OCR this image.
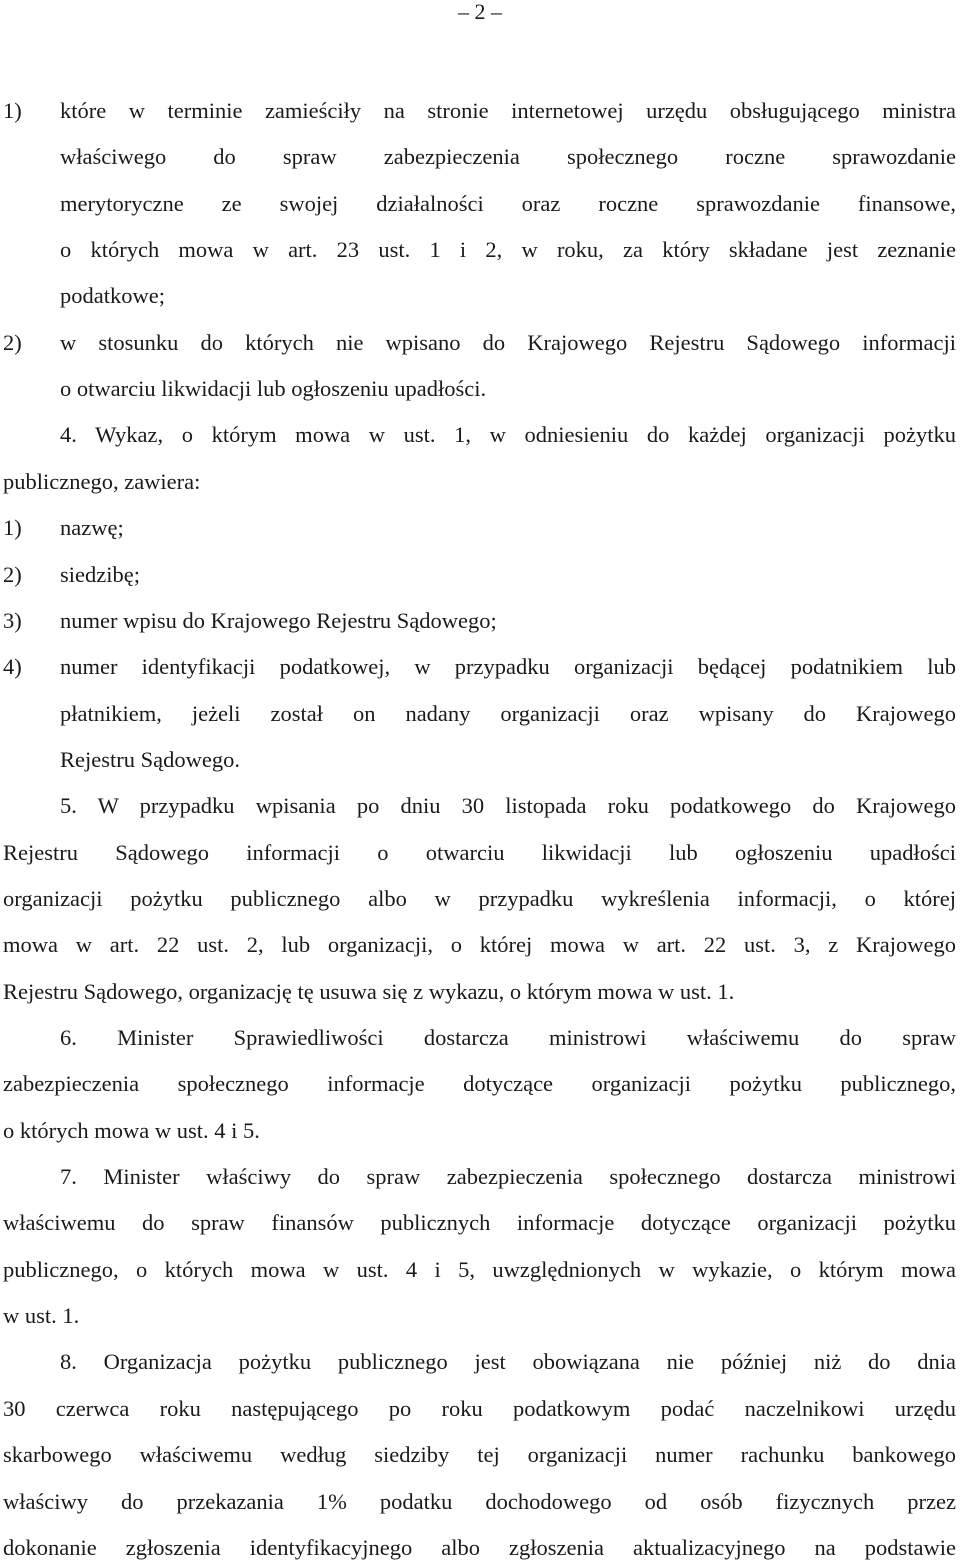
– 2 –
1) które w terminie zamieściły na stronie internetowej urzędu obsługującego ministra
właściwego do spraw zabezpieczenia społecznego roczne sprawozdanie
merytoryczne ze swojej działalności oraz roczne sprawozdanie finansowe,
o których mowa w art. 23 ust. 1 i 2, w roku, za który składane jest zeznanie
podatkowe;
2) w stosunku do których nie wpisano do Krajowego Rejestru Sądowego informacji
o otwarciu likwidacji lub ogłoszeniu upadłości.
4. Wykaz, o którym mowa w ust. 1, w odniesieniu do każdej organizacji pożytku
publicznego, zawiera:
1) nazwę;
2) siedzibę;
3) numer wpisu do Krajowego Rejestru Sądowego;
4) numer identyfikacji podatkowej, w przypadku organizacji będącej podatnikiem lub
płatnikiem, jeżeli został on nadany organizacji oraz wpisany do Krajowego
Rejestru Sądowego.
5. W przypadku wpisania po dniu 30 listopada roku podatkowego do Krajowego
Rejestru Sądowego informacji o otwarciu likwidacji lub ogłoszeniu upadłości
organizacji pożytku publicznego albo w przypadku wykreślenia informacji, o której
mowa w art. 22 ust. 2, lub organizacji, o której mowa w art. 22 ust. 3, z Krajowego
Rejestru Sądowego, organizację tę usuwa się z wykazu, o którym mowa w ust. 1.
6. Minister Sprawiedliwości dostarcza ministrowi właściwemu do spraw
zabezpieczenia społecznego informacje dotyczące organizacji pożytku publicznego,
o których mowa w ust. 4 i 5.
7. Minister właściwy do spraw zabezpieczenia społecznego dostarcza ministrowi
właściwemu do spraw finansów publicznych informacje dotyczące organizacji pożytku
publicznego, o których mowa w ust. 4 i 5, uwzględnionych w wykazie, o którym mowa
w ust. 1.
8. Organizacja pożytku publicznego jest obowiązana nie później niż do dnia
30 czerwca roku następującego po roku podatkowym podać naczelnikowi urzędu
skarbowego właściwemu według siedziby tej organizacji numer rachunku bankowego
właściwy do przekazania 1% podatku dochodowego od osób fizycznych przez
dokonanie zgłoszenia identyfikacyjnego albo zgłoszenia aktualizacyjnego na podstawie
